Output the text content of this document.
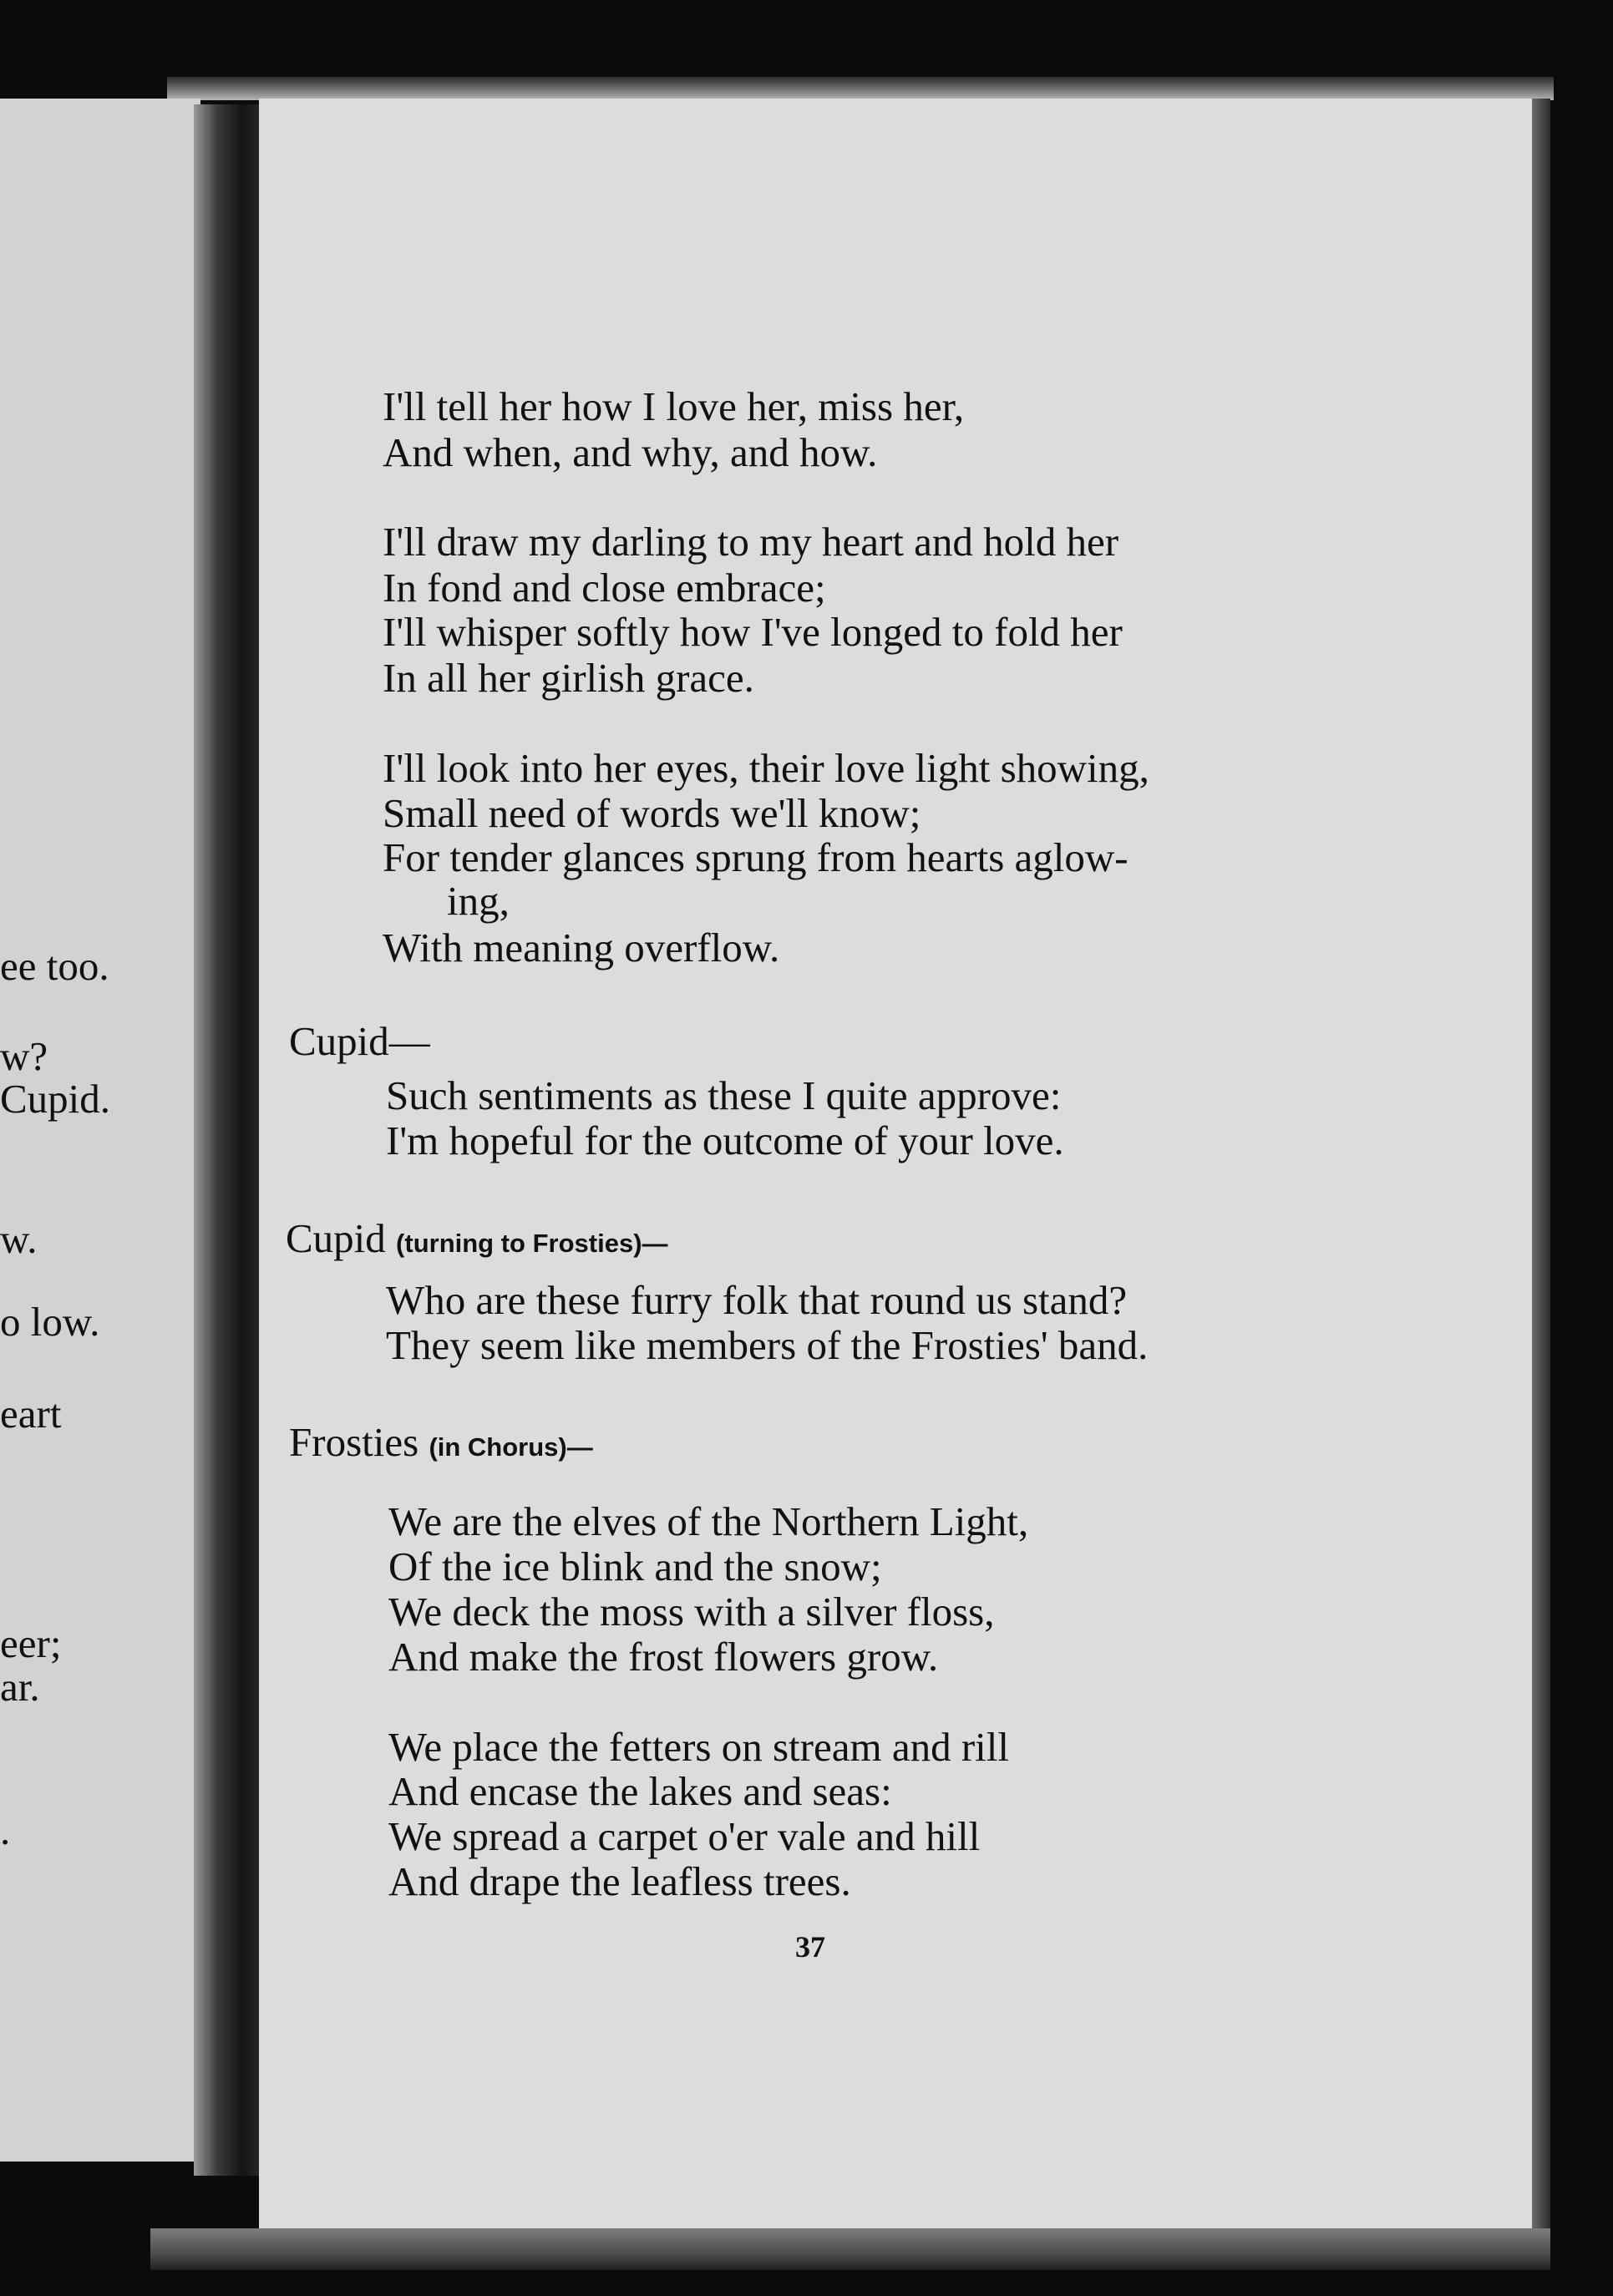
ee too.
w?
Cupid.
w.
o low.
eart
eer;
ar.
.
I'll tell her how I love her, miss her,
And when, and why, and how.
I'll draw my darling to my heart and hold her
In fond and close embrace;
I'll whisper softly how I've longed to fold her
In all her girlish grace.
I'll look into her eyes, their love light showing,
Small need of words we'll know;
For tender glances sprung from hearts aglow-
ing,
With meaning overflow.
Cupid—
Such sentiments as these I quite approve:
I'm hopeful for the outcome of your love.
Cupid (turning to Frosties)—
Who are these furry folk that round us stand?
They seem like members of the Frosties' band.
Frosties (in Chorus)—
We are the elves of the Northern Light,
Of the ice blink and the snow;
We deck the moss with a silver floss,
And make the frost flowers grow.
We place the fetters on stream and rill
And encase the lakes and seas:
We spread a carpet o'er vale and hill
And drape the leafless trees.
37
